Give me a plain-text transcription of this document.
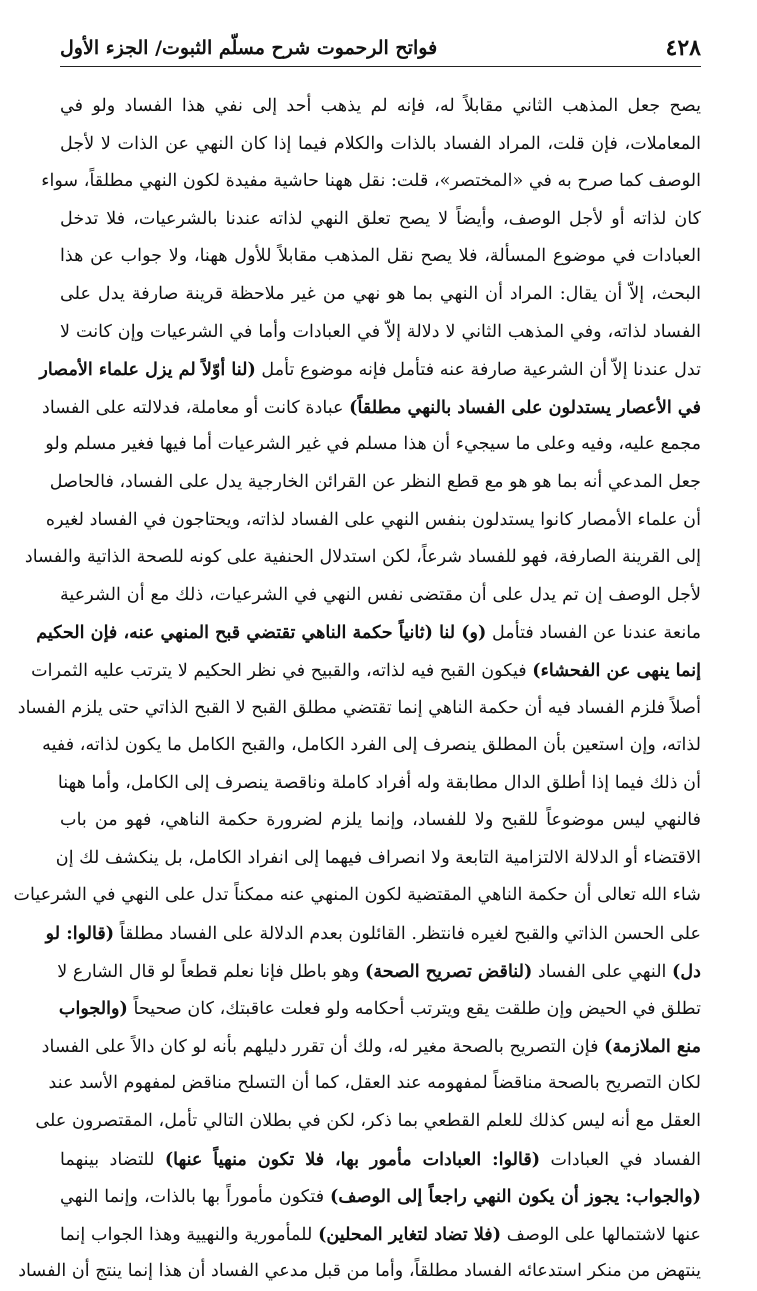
٤٢٨
فواتح الرحموت شرح مسلّم الثبوت/ الجزء الأول
يصح جعل المذهب الثاني مقابلاً له، فإنه لم يذهب أحد إلى نفي هذا الفساد ولو في
المعاملات، فإن قلت، المراد الفساد بالذات والكلام فيما إذا كان النهي عن الذات لا لأجل
الوصف كما صرح به في «المختصر»، قلت: نقل ههنا حاشية مفيدة لكون النهي مطلقاً، سواء
كان لذاته أو لأجل الوصف، وأيضاً لا يصح تعلق النهي لذاته عندنا بالشرعيات، فلا تدخل
العبادات في موضوع المسألة، فلا يصح نقل المذهب مقابلاً للأول ههنا، ولا جواب عن هذا
البحث، إلاّ أن يقال: المراد أن النهي بما هو نهي من غير ملاحظة قرينة صارفة يدل على
الفساد لذاته، وفي المذهب الثاني لا دلالة إلاّ في العبادات وأما في الشرعيات وإن كانت لا
تدل عندنا إلاّ أن الشرعية صارفة عنه فتأمل فإنه موضوع تأمل (لنا أوّلاً لم يزل علماء الأمصار
في الأعصار يستدلون على الفساد بالنهي مطلقاً) عبادة كانت أو معاملة، فدلالته على الفساد
مجمع عليه، وفيه وعلى ما سيجيء أن هذا مسلم في غير الشرعيات أما فيها فغير مسلم ولو
جعل المدعي أنه بما هو هو مع قطع النظر عن القرائن الخارجية يدل على الفساد، فالحاصل
أن علماء الأمصار كانوا يستدلون بنفس النهي على الفساد لذاته، ويحتاجون في الفساد لغيره
إلى القرينة الصارفة، فهو للفساد شرعاً، لكن استدلال الحنفية على كونه للصحة الذاتية والفساد
لأجل الوصف إن تم يدل على أن مقتضى نفس النهي في الشرعيات، ذلك مع أن الشرعية
مانعة عندنا عن الفساد فتأمل (و) لنا (ثانياً حكمة الناهي تقتضي قبح المنهي عنه، فإن الحكيم
إنما ينهى عن الفحشاء) فيكون القبح فيه لذاته، والقبيح في نظر الحكيم لا يترتب عليه الثمرات
أصلاً فلزم الفساد فيه أن حكمة الناهي إنما تقتضي مطلق القبح لا القبح الذاتي حتى يلزم الفساد
لذاته، وإن استعين بأن المطلق ينصرف إلى الفرد الكامل، والقبح الكامل ما يكون لذاته، ففيه
أن ذلك فيما إذا أطلق الدال مطابقة وله أفراد كاملة وناقصة ينصرف إلى الكامل، وأما ههنا
فالنهي ليس موضوعاً للقبح ولا للفساد، وإنما يلزم لضرورة حكمة الناهي، فهو من باب
الاقتضاء أو الدلالة الالتزامية التابعة ولا انصراف فيهما إلى انفراد الكامل، بل ينكشف لك إن
شاء الله تعالى أن حكمة الناهي المقتضية لكون المنهي عنه ممكناً تدل على النهي في الشرعيات
على الحسن الذاتي والقبح لغيره فانتظر. القائلون بعدم الدلالة على الفساد مطلقاً (قالوا: لو
دل) النهي على الفساد (لناقض تصريح الصحة) وهو باطل فإنا نعلم قطعاً لو قال الشارع لا
تطلق في الحيض وإن طلقت يقع ويترتب أحكامه ولو فعلت عاقبتك، كان صحيحاً (والجواب
منع الملازمة) فإن التصريح بالصحة مغير له، ولك أن تقرر دليلهم بأنه لو كان دالاً على الفساد
لكان التصريح بالصحة مناقضاً لمفهومه عند العقل، كما أن التسلح مناقض لمفهوم الأسد عند
العقل مع أنه ليس كذلك للعلم القطعي بما ذكر، لكن في بطلان التالي تأمل، المقتصرون على
الفساد في العبادات (قالوا: العبادات مأمور بها، فلا تكون منهياً عنها) للتضاد بينهما
(والجواب: يجوز أن يكون النهي راجعاً إلى الوصف) فتكون مأموراً بها بالذات، وإنما النهي
عنها لاشتمالها على الوصف (فلا تضاد لتغاير المحلين) للمأمورية والنهيية وهذا الجواب إنما
ينتهض من منكر استدعائه الفساد مطلقاً، وأما من قبل مدعي الفساد أن هذا إنما ينتج أن الفساد
